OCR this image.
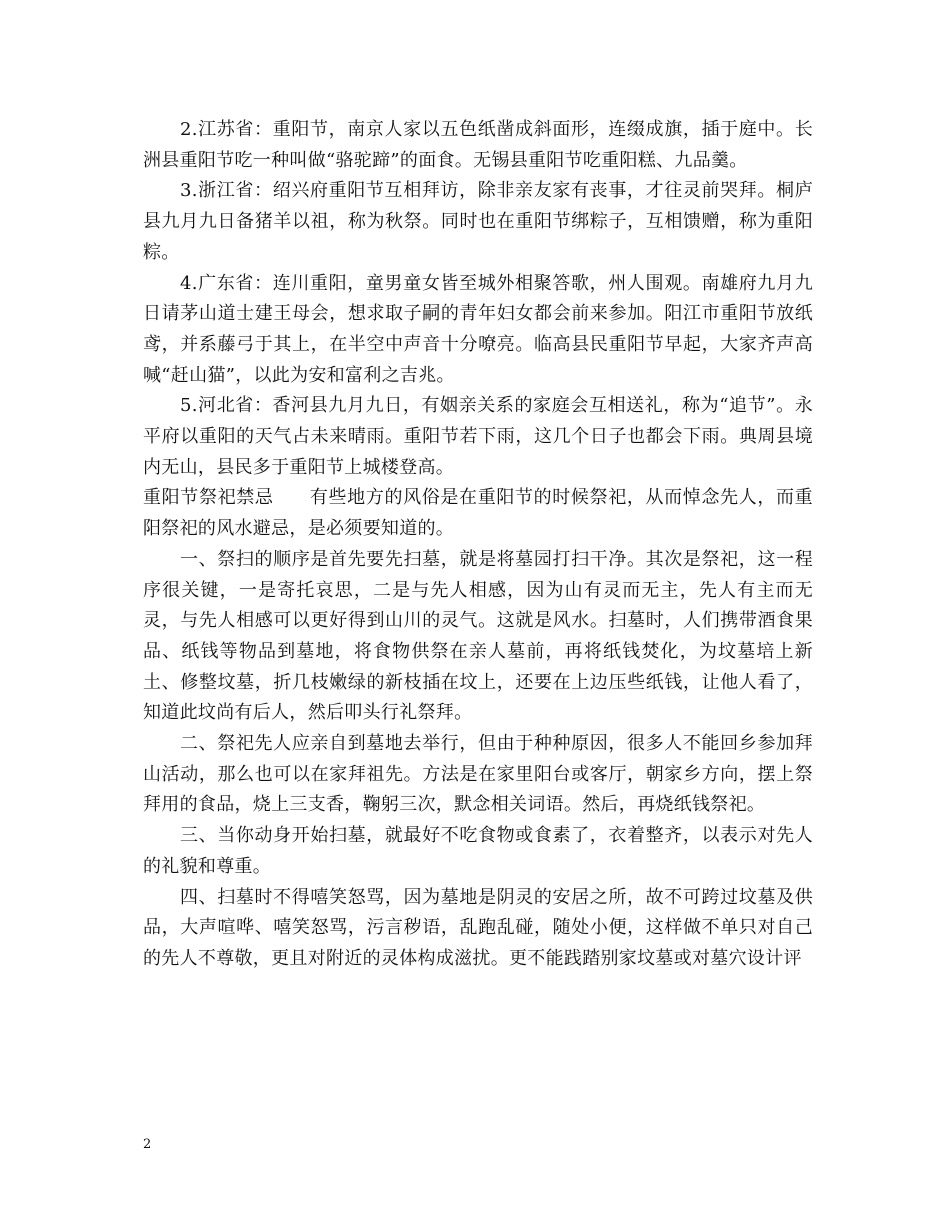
2.江苏省：重阳节，南京人家以五色纸凿成斜面形，连缀成旗，插于庭中。长洲县重阳节吃一种叫做“骆驼蹄”的面食。无锡县重阳节吃重阳糕、九品羹。

3.浙江省：绍兴府重阳节互相拜访，除非亲友家有丧事，才往灵前哭拜。桐庐县九月九日备猪羊以祖，称为秋祭。同时也在重阳节绑粽子，互相馈赠，称为重阳粽。

4.广东省：连川重阳，童男童女皆至城外相聚答歌，州人围观。南雄府九月九日请茅山道士建王母会，想求取子嗣的青年妇女都会前来参加。阳江市重阳节放纸鸢，并系藤弓于其上，在半空中声音十分嘹亮。临高县民重阳节早起，大家齐声高喊“赶山猫”，以此为安和富利之吉兆。

5.河北省：香河县九月九日，有姻亲关系的家庭会互相送礼，称为“追节”。永平府以重阳的天气占未来晴雨。重阳节若下雨，这几个日子也都会下雨。典周县境内无山，县民多于重阳节上城楼登高。

重阳节祭祀禁忌 有些地方的风俗是在重阳节的时候祭祀，从而悼念先人，而重阳祭祀的风水避忌，是必须要知道的。

一、祭扫的顺序是首先要先扫墓，就是将墓园打扫干净。其次是祭祀，这一程序很关键，一是寄托哀思，二是与先人相感，因为山有灵而无主，先人有主而无灵，与先人相感可以更好得到山川的灵气。这就是风水。扫墓时，人们携带酒食果品、纸钱等物品到墓地，将食物供祭在亲人墓前，再将纸钱焚化，为坟墓培上新土、修整坟墓，折几枝嫩绿的新枝插在坟上，还要在上边压些纸钱，让他人看了，知道此坟尚有后人，然后叩头行礼祭拜。

二、祭祀先人应亲自到墓地去举行，但由于种种原因，很多人不能回乡参加拜山活动，那么也可以在家拜祖先。方法是在家里阳台或客厅，朝家乡方向，摆上祭拜用的食品，烧上三支香，鞠躬三次，默念相关词语。然后，再烧纸钱祭祀。

三、当你动身开始扫墓，就最好不吃食物或食素了，衣着整齐，以表示对先人的礼貌和尊重。

四、扫墓时不得嘻笑怒骂，因为墓地是阴灵的安居之所，故不可跨过坟墓及供品，大声喧哗、嘻笑怒骂，污言秽语，乱跑乱碰，随处小便，这样做不单只对自己的先人不尊敬，更且对附近的灵体构成滋扰。更不能践踏别家坟墓或对墓穴设计评

2
